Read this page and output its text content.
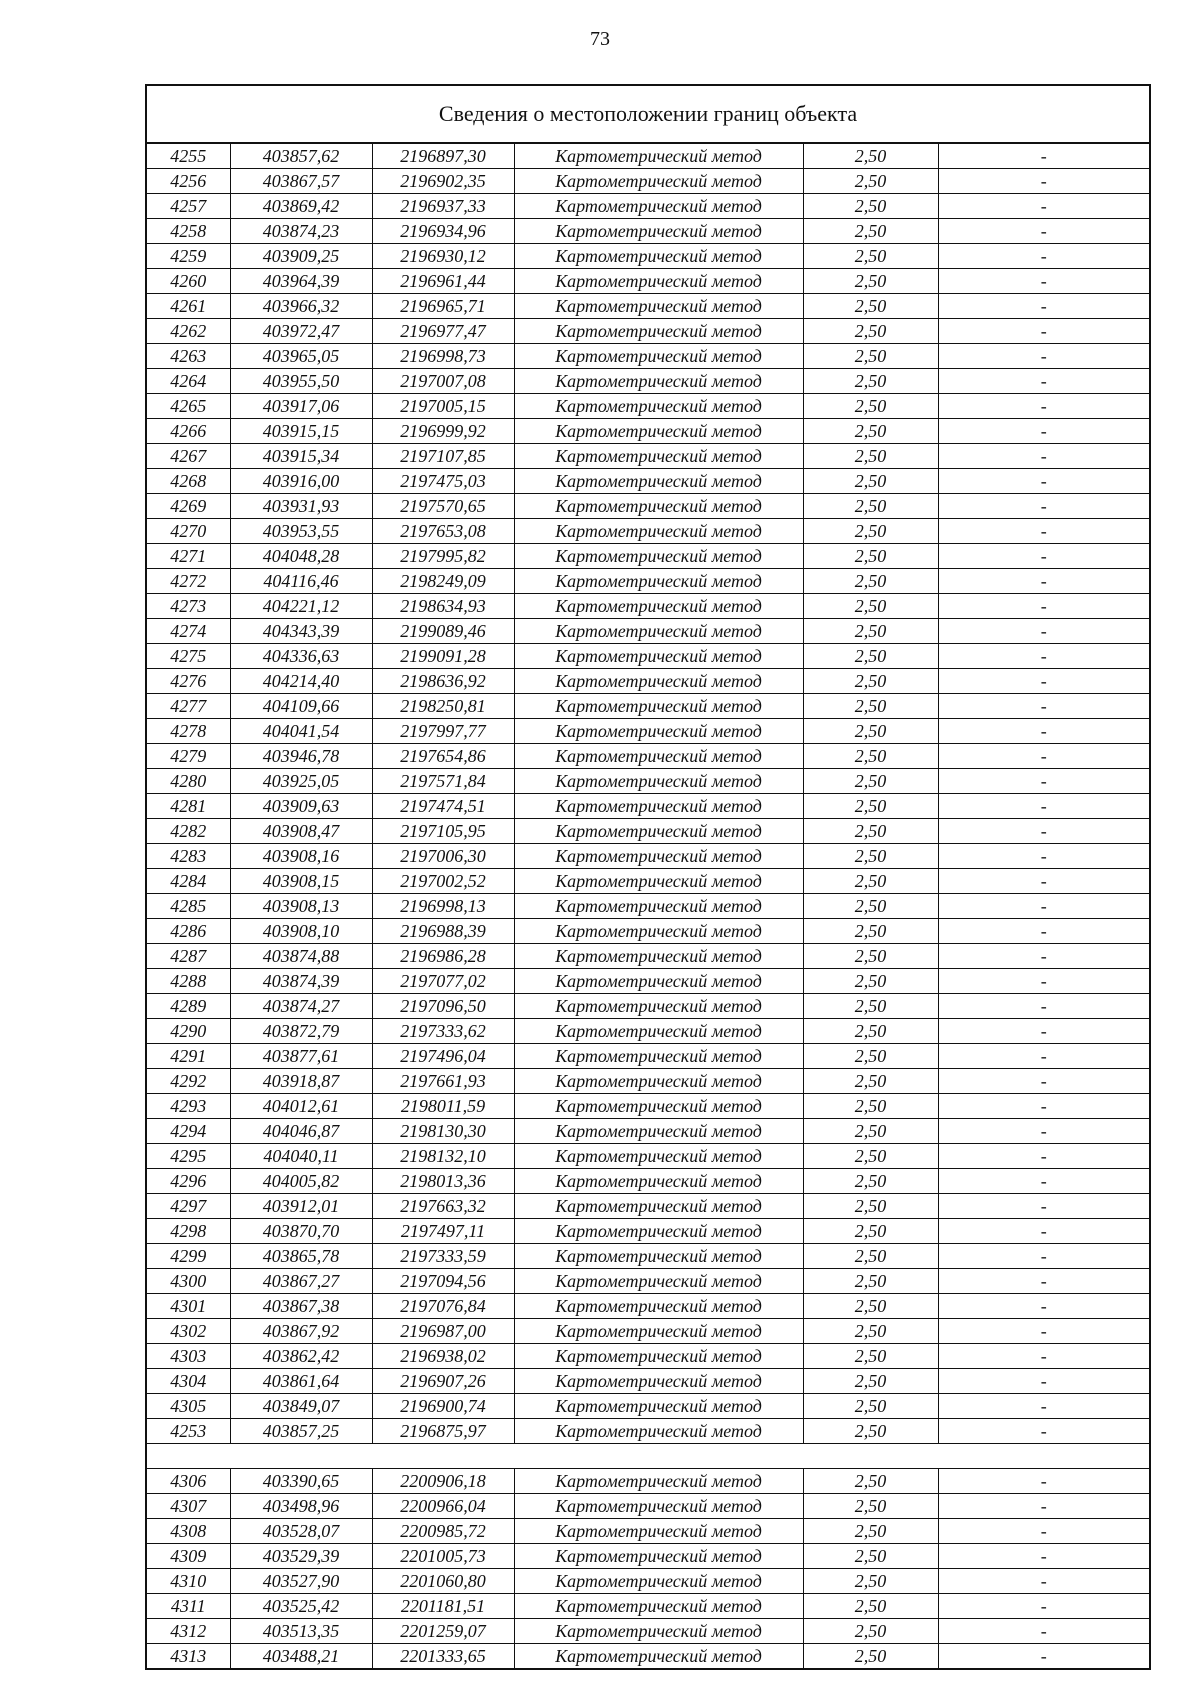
73
Сведения о местоположении границ объекта
4255	403857,62	2196897,30	Картометрический метод	2,50	-
4256	403867,57	2196902,35	Картометрический метод	2,50	-
4257	403869,42	2196937,33	Картометрический метод	2,50	-
4258	403874,23	2196934,96	Картометрический метод	2,50	-
4259	403909,25	2196930,12	Картометрический метод	2,50	-
4260	403964,39	2196961,44	Картометрический метод	2,50	-
4261	403966,32	2196965,71	Картометрический метод	2,50	-
4262	403972,47	2196977,47	Картометрический метод	2,50	-
4263	403965,05	2196998,73	Картометрический метод	2,50	-
4264	403955,50	2197007,08	Картометрический метод	2,50	-
4265	403917,06	2197005,15	Картометрический метод	2,50	-
4266	403915,15	2196999,92	Картометрический метод	2,50	-
4267	403915,34	2197107,85	Картометрический метод	2,50	-
4268	403916,00	2197475,03	Картометрический метод	2,50	-
4269	403931,93	2197570,65	Картометрический метод	2,50	-
4270	403953,55	2197653,08	Картометрический метод	2,50	-
4271	404048,28	2197995,82	Картометрический метод	2,50	-
4272	404116,46	2198249,09	Картометрический метод	2,50	-
4273	404221,12	2198634,93	Картометрический метод	2,50	-
4274	404343,39	2199089,46	Картометрический метод	2,50	-
4275	404336,63	2199091,28	Картометрический метод	2,50	-
4276	404214,40	2198636,92	Картометрический метод	2,50	-
4277	404109,66	2198250,81	Картометрический метод	2,50	-
4278	404041,54	2197997,77	Картометрический метод	2,50	-
4279	403946,78	2197654,86	Картометрический метод	2,50	-
4280	403925,05	2197571,84	Картометрический метод	2,50	-
4281	403909,63	2197474,51	Картометрический метод	2,50	-
4282	403908,47	2197105,95	Картометрический метод	2,50	-
4283	403908,16	2197006,30	Картометрический метод	2,50	-
4284	403908,15	2197002,52	Картометрический метод	2,50	-
4285	403908,13	2196998,13	Картометрический метод	2,50	-
4286	403908,10	2196988,39	Картометрический метод	2,50	-
4287	403874,88	2196986,28	Картометрический метод	2,50	-
4288	403874,39	2197077,02	Картометрический метод	2,50	-
4289	403874,27	2197096,50	Картометрический метод	2,50	-
4290	403872,79	2197333,62	Картометрический метод	2,50	-
4291	403877,61	2197496,04	Картометрический метод	2,50	-
4292	403918,87	2197661,93	Картометрический метод	2,50	-
4293	404012,61	2198011,59	Картометрический метод	2,50	-
4294	404046,87	2198130,30	Картометрический метод	2,50	-
4295	404040,11	2198132,10	Картометрический метод	2,50	-
4296	404005,82	2198013,36	Картометрический метод	2,50	-
4297	403912,01	2197663,32	Картометрический метод	2,50	-
4298	403870,70	2197497,11	Картометрический метод	2,50	-
4299	403865,78	2197333,59	Картометрический метод	2,50	-
4300	403867,27	2197094,56	Картометрический метод	2,50	-
4301	403867,38	2197076,84	Картометрический метод	2,50	-
4302	403867,92	2196987,00	Картометрический метод	2,50	-
4303	403862,42	2196938,02	Картометрический метод	2,50	-
4304	403861,64	2196907,26	Картометрический метод	2,50	-
4305	403849,07	2196900,74	Картометрический метод	2,50	-
4253	403857,25	2196875,97	Картометрический метод	2,50	-

4306	403390,65	2200906,18	Картометрический метод	2,50	-
4307	403498,96	2200966,04	Картометрический метод	2,50	-
4308	403528,07	2200985,72	Картометрический метод	2,50	-
4309	403529,39	2201005,73	Картометрический метод	2,50	-
4310	403527,90	2201060,80	Картометрический метод	2,50	-
4311	403525,42	2201181,51	Картометрический метод	2,50	-
4312	403513,35	2201259,07	Картометрический метод	2,50	-
4313	403488,21	2201333,65	Картометрический метод	2,50	-
